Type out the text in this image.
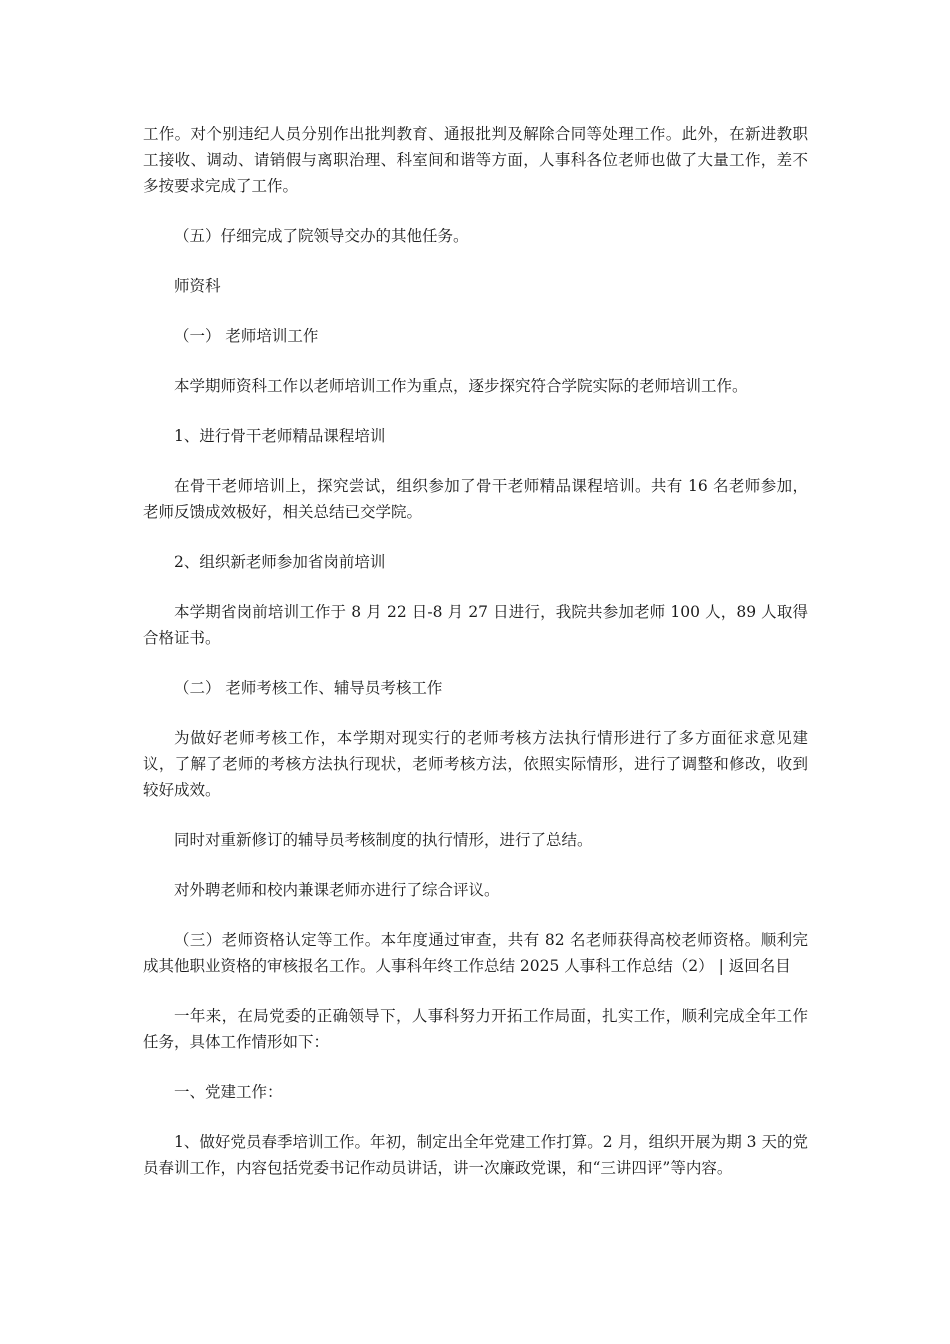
工作。对个别违纪人员分别作出批判教育、通报批判及解除合同等处理工作。此外，在新进教职工接收、调动、请销假与离职治理、科室间和谐等方面，人事科各位老师也做了大量工作，差不多按要求完成了工作。

（五）仔细完成了院领导交办的其他任务。

师资科

（一） 老师培训工作

本学期师资科工作以老师培训工作为重点，逐步探究符合学院实际的老师培训工作。

1、进行骨干老师精品课程培训

在骨干老师培训上，探究尝试，组织参加了骨干老师精品课程培训。共有 16 名老师参加，老师反馈成效极好，相关总结已交学院。

2、组织新老师参加省岗前培训

本学期省岗前培训工作于 8 月 22 日-8 月 27 日进行，我院共参加老师 100 人，89 人取得合格证书。

（二） 老师考核工作、辅导员考核工作

为做好老师考核工作，本学期对现实行的老师考核方法执行情形进行了多方面征求意见建议，了解了老师的考核方法执行现状，老师考核方法，依照实际情形，进行了调整和修改，收到较好成效。

同时对重新修订的辅导员考核制度的执行情形，进行了总结。

对外聘老师和校内兼课老师亦进行了综合评议。

（三）老师资格认定等工作。本年度通过审查，共有 82 名老师获得高校老师资格。顺利完成其他职业资格的审核报名工作。人事科年终工作总结 2025 人事科工作总结（2） | 返回名目

一年来，在局党委的正确领导下，人事科努力开拓工作局面，扎实工作，顺利完成全年工作任务，具体工作情形如下：

一、党建工作：

1、做好党员春季培训工作。年初，制定出全年党建工作打算。2 月，组织开展为期 3 天的党员春训工作，内容包括党委书记作动员讲话，讲一次廉政党课，和“三讲四评”等内容。
